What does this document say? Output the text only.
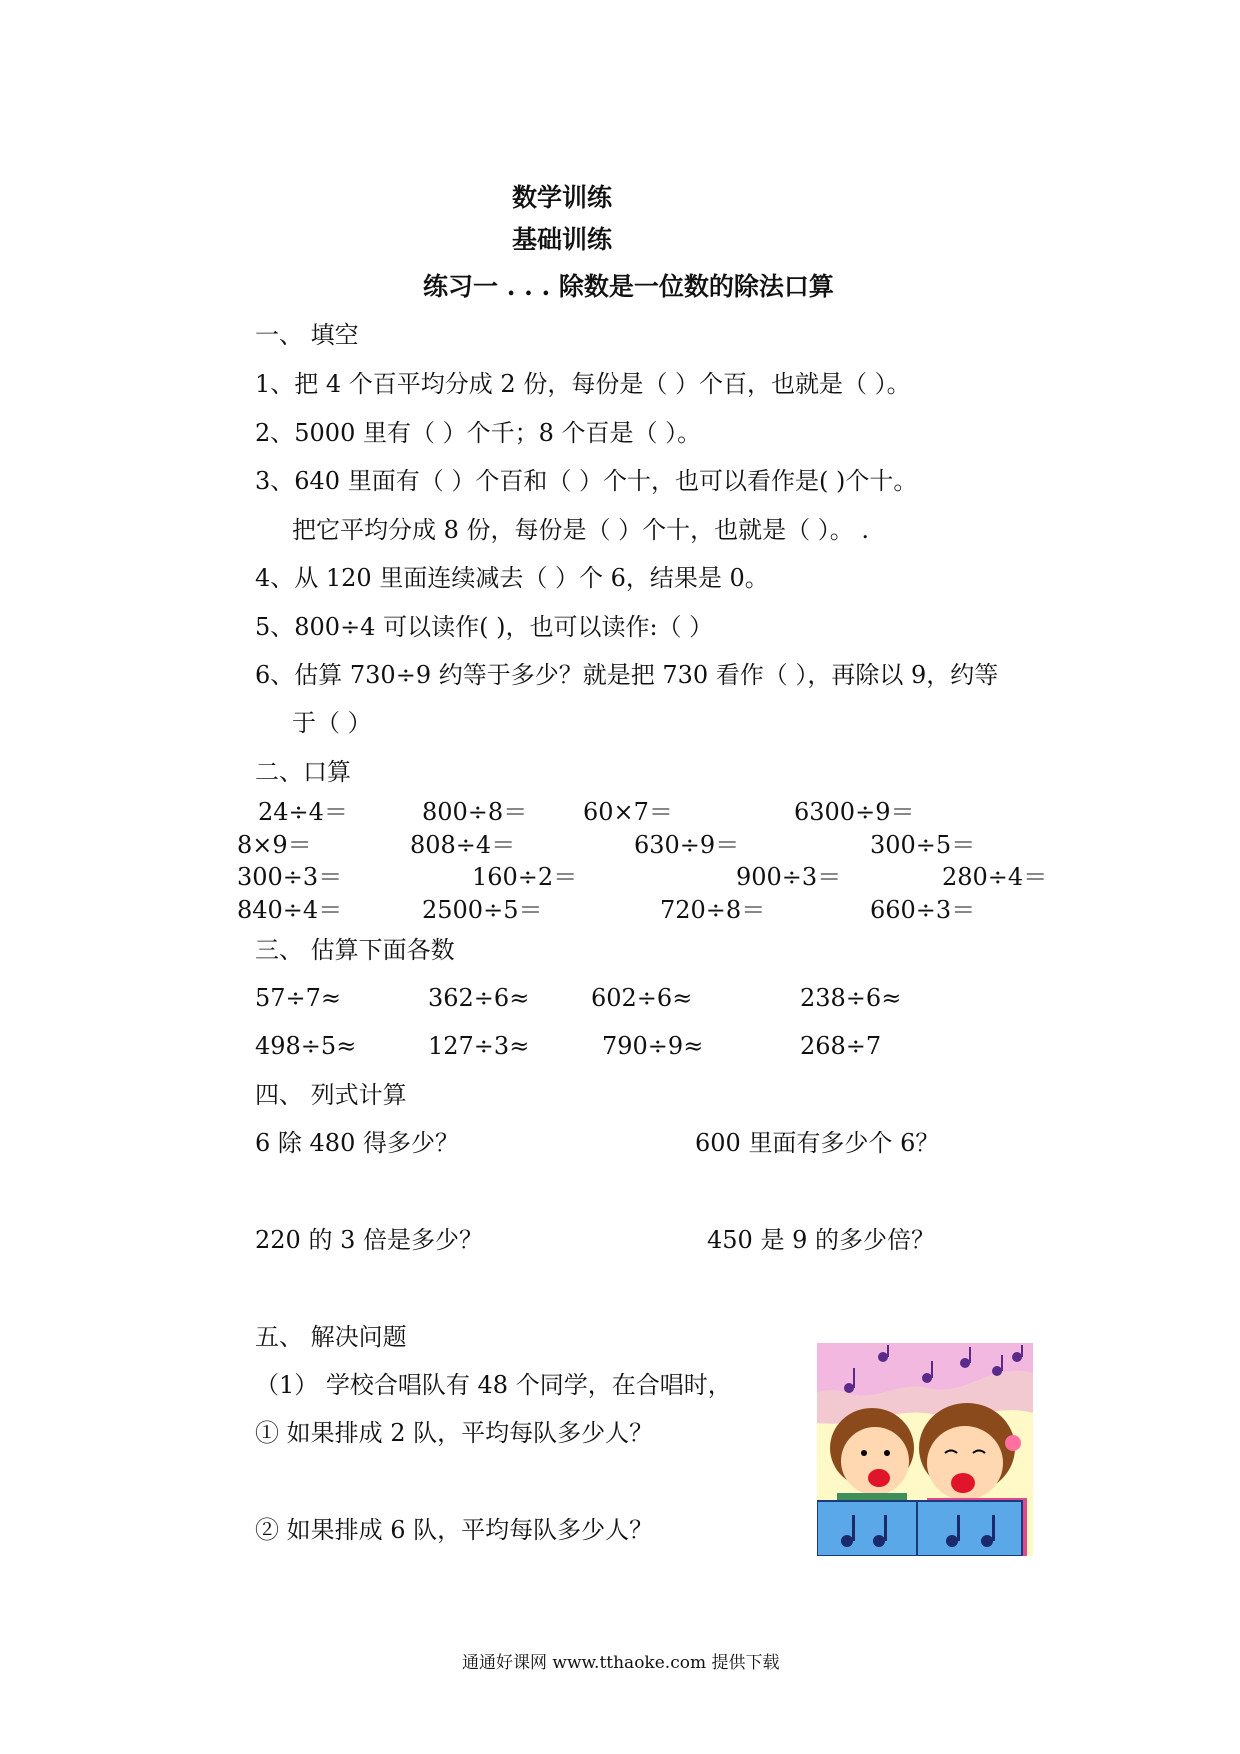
数学训练
基础训练
练习一 . . . 除数是一位数的除法口算
一、 填空
1、把 4 个百平均分成 2 份，每份是（ ）个百，也就是（ ）。
2、5000 里有（ ）个千；8 个百是（ ）。
3、640 里面有（ ）个百和（ ）个十，也可以看作是( )个十。
把它平均分成 8 份，每份是（ ）个十，也就是（ ）。 .
4、从 120 里面连续减去（ ）个 6，结果是 0。
5、800÷4 可以读作( )，也可以读作:（ ）
6、估算 730÷9 约等于多少？就是把 730 看作（ ），再除以 9，约等
于（ ）
二、口算
24÷4＝	800÷8＝ 60×7＝	6300÷9＝
8×9＝	808÷4＝	630÷9＝	300÷5＝
300÷3＝	160÷2＝	900÷3＝	280÷4＝
840÷4＝	2500÷5＝	720÷8＝	660÷3＝
三、 估算下面各数
57÷7≈	362÷6≈	602÷6≈	238÷6≈
498÷5≈	127÷3≈	790÷9≈	268÷7
四、 列式计算
6 除 480 得多少？	600 里面有多少个 6？
220 的 3 倍是多少？	450 是 9 的多少倍？
五、 解决问题
（1） 学校合唱队有 48 个同学，在合唱时，
① 如果排成 2 队，平均每队多少人？
② 如果排成 6 队，平均每队多少人？
通通好课网 www.tthaoke.com 提供下载
